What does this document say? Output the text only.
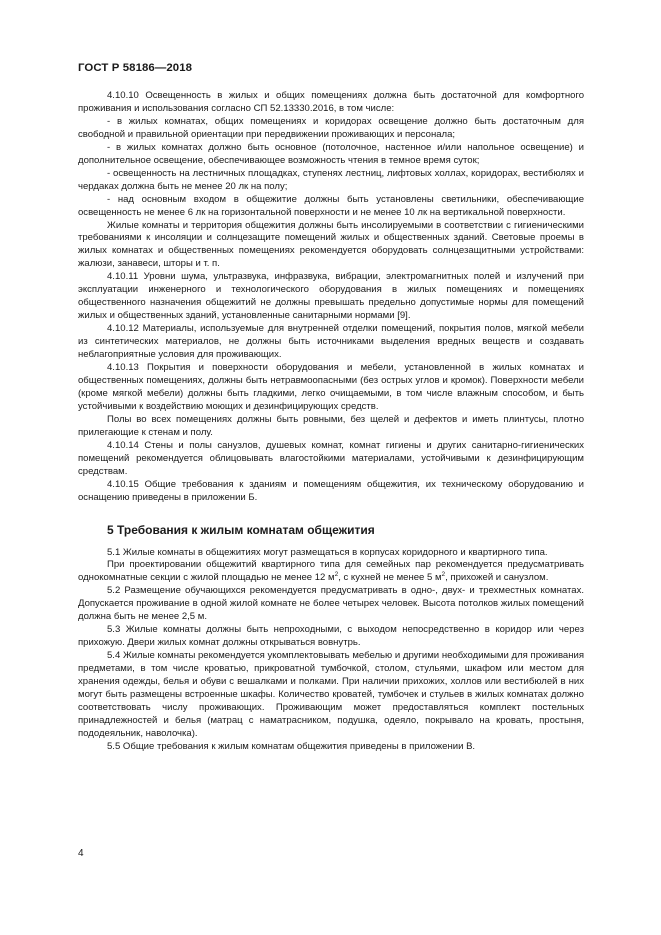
ГОСТ Р 58186—2018

4.10.10 Освещенность в жилых и общих помещениях должна быть достаточной для комфортного проживания и использования согласно СП 52.13330.2016, в том числе:

- в жилых комнатах, общих помещениях и коридорах освещение должно быть достаточным для свободной и правильной ориентации при передвижении проживающих и персонала;

- в жилых комнатах должно быть основное (потолочное, настенное и/или напольное освещение) и дополнительное освещение, обеспечивающее возможность чтения в темное время суток;

- освещенность на лестничных площадках, ступенях лестниц, лифтовых холлах, коридорах, вестибюлях и чердаках должна быть не менее 20 лк на полу;

- над основным входом в общежитие должны быть установлены светильники, обеспечивающие освещенность не менее 6 лк на горизонтальной поверхности и не менее 10 лк на вертикальной поверхности.

Жилые комнаты и территория общежития должны быть инсолируемыми в соответствии с гигиеническими требованиями к инсоляции и солнцезащите помещений жилых и общественных зданий. Световые проемы в жилых комнатах и общественных помещениях рекомендуется оборудовать солнцезащитными устройствами: жалюзи, занавеси, шторы и т. п.

4.10.11 Уровни шума, ультразвука, инфразвука, вибрации, электромагнитных полей и излучений при эксплуатации инженерного и технологического оборудования в жилых помещениях и помещениях общественного назначения общежитий не должны превышать предельно допустимые нормы для помещений жилых и общественных зданий, установленные санитарными нормами [9].

4.10.12 Материалы, используемые для внутренней отделки помещений, покрытия полов, мягкой мебели из синтетических материалов, не должны быть источниками выделения вредных веществ и создавать неблагоприятные условия для проживающих.

4.10.13 Покрытия и поверхности оборудования и мебели, установленной в жилых комнатах и общественных помещениях, должны быть нетравмоопасными (без острых углов и кромок). Поверхности мебели (кроме мягкой мебели) должны быть гладкими, легко очищаемыми, в том числе влажным способом, и быть устойчивыми к воздействию моющих и дезинфицирующих средств.

Полы во всех помещениях должны быть ровными, без щелей и дефектов и иметь плинтусы, плотно прилегающие к стенам и полу.

4.10.14 Стены и полы санузлов, душевых комнат, комнат гигиены и других санитарно-гигиенических помещений рекомендуется облицовывать влагостойкими материалами, устойчивыми к дезинфицирующим средствам.

4.10.15 Общие требования к зданиям и помещениям общежития, их техническому оборудованию и оснащению приведены в приложении Б.

5 Требования к жилым комнатам общежития

5.1 Жилые комнаты в общежитиях могут размещаться в корпусах коридорного и квартирного типа.

При проектировании общежитий квартирного типа для семейных пар рекомендуется предусматривать однокомнатные секции с жилой площадью не менее 12 $м^2$, с кухней не менее 5 $м^2$, прихожей и санузлом.

5.2 Размещение обучающихся рекомендуется предусматривать в одно-, двух- и трехместных комнатах. Допускается проживание в одной жилой комнате не более четырех человек. Высота потолков жилых помещений должна быть не менее 2,5 м.

5.3 Жилые комнаты должны быть непроходными, с выходом непосредственно в коридор или через прихожую. Двери жилых комнат должны открываться вовнутрь.

5.4 Жилые комнаты рекомендуется укомплектовывать мебелью и другими необходимыми для проживания предметами, в том числе кроватью, прикроватной тумбочкой, столом, стульями, шкафом или местом для хранения одежды, белья и обуви с вешалками и полками. При наличии прихожих, холлов или вестибюлей в них могут быть размещены встроенные шкафы. Количество кроватей, тумбочек и стульев в жилых комнатах должно соответствовать числу проживающих. Проживающим может предоставляться комплект постельных принадлежностей и белья (матрац с наматрасником, подушка, одеяло, покрывало на кровать, простыня, пододеяльник, наволочка).

5.5 Общие требования к жилым комнатам общежития приведены в приложении В.

4
